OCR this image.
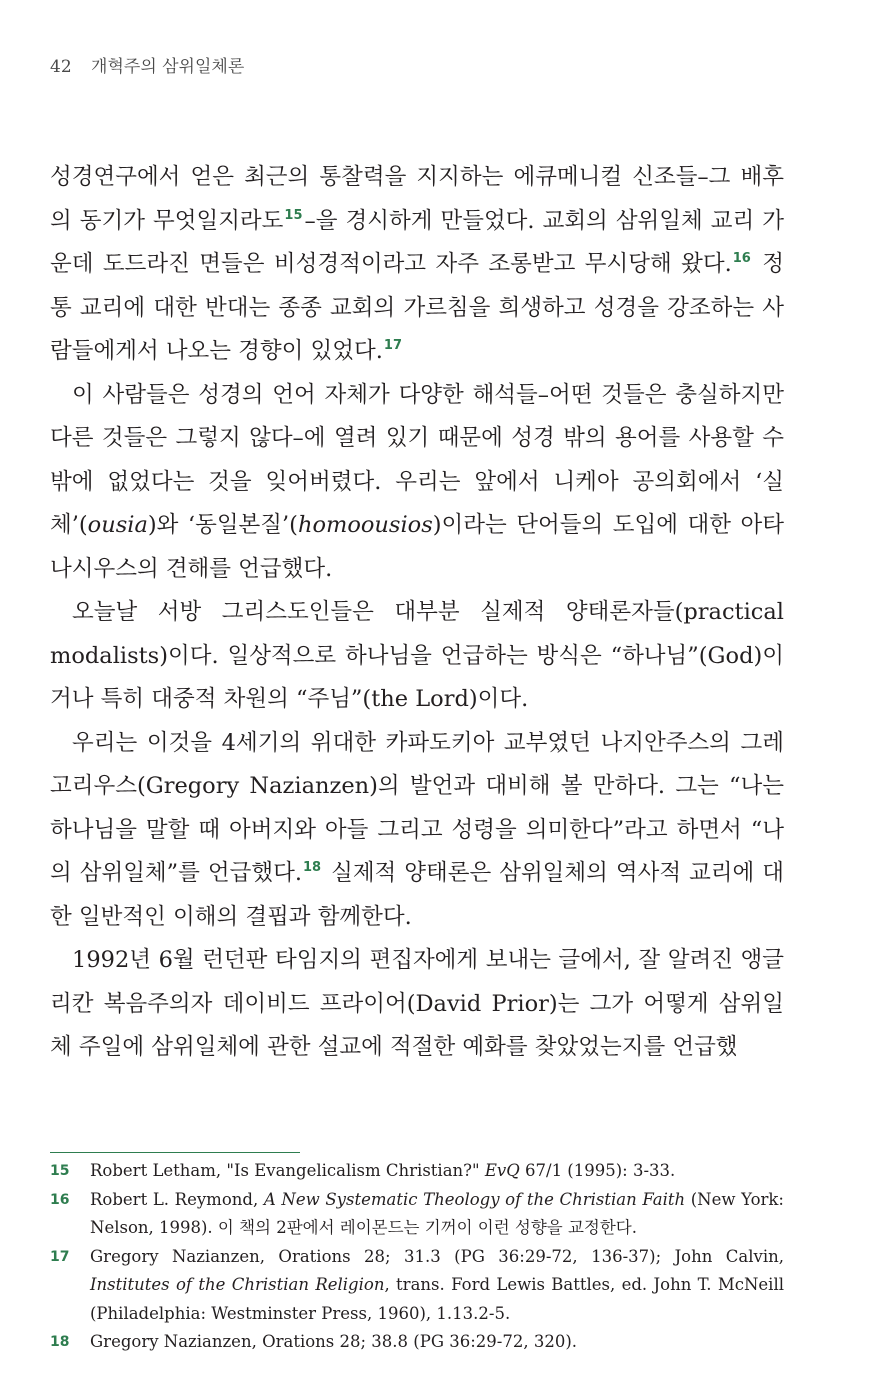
42 개혁주의 삼위일체론

성경연구에서 얻은 최근의 통찰력을 지지하는 에큐메니컬 신조들–그 배후의 동기가 무엇일지라도$^{15}$–을 경시하게 만들었다. 교회의 삼위일체 교리 가운데 도드라진 면들은 비성경적이라고 자주 조롱받고 무시당해 왔다.$^{16}$ 정통 교리에 대한 반대는 종종 교회의 가르침을 희생하고 성경을 강조하는 사람들에게서 나오는 경향이 있었다.$^{17}$

이 사람들은 성경의 언어 자체가 다양한 해석들–어떤 것들은 충실하지만 다른 것들은 그렇지 않다–에 열려 있기 때문에 성경 밖의 용어를 사용할 수밖에 없었다는 것을 잊어버렸다. 우리는 앞에서 니케아 공의회에서 ‘실체’(ousia)와 ‘동일본질’(homoousios)이라는 단어들의 도입에 대한 아타나시우스의 견해를 언급했다.

오늘날 서방 그리스도인들은 대부분 실제적 양태론자들(practical modalists)이다. 일상적으로 하나님을 언급하는 방식은 “하나님”(God)이거나 특히 대중적 차원의 “주님”(the Lord)이다.

우리는 이것을 4세기의 위대한 카파도키아 교부였던 나지안주스의 그레고리우스(Gregory Nazianzen)의 발언과 대비해 볼 만하다. 그는 “나는 하나님을 말할 때 아버지와 아들 그리고 성령을 의미한다”라고 하면서 “나의 삼위일체”를 언급했다.$^{18}$ 실제적 양태론은 삼위일체의 역사적 교리에 대한 일반적인 이해의 결핍과 함께한다.

1992년 6월 런던판 타임지의 편집자에게 보내는 글에서, 잘 알려진 앵글리칸 복음주의자 데이비드 프라이어(David Prior)는 그가 어떻게 삼위일체 주일에 삼위일체에 관한 설교에 적절한 예화를 찾았었는지를 언급했

15	Robert Letham, "Is Evangelicalism Christian?" EvQ 67/1 (1995): 3-33.
16	Robert L. Reymond, A New Systematic Theology of the Christian Faith (New York: Nelson, 1998). 이 책의 2판에서 레이몬드는 기꺼이 이런 성향을 교정한다.
17	Gregory Nazianzen, Orations 28; 31.3 (PG 36:29-72, 136-37); John Calvin, Institutes of the Christian Religion, trans. Ford Lewis Battles, ed. John T. McNeill (Philadelphia: Westminster Press, 1960), 1.13.2-5.
18	Gregory Nazianzen, Orations 28; 38.8 (PG 36:29-72, 320).
